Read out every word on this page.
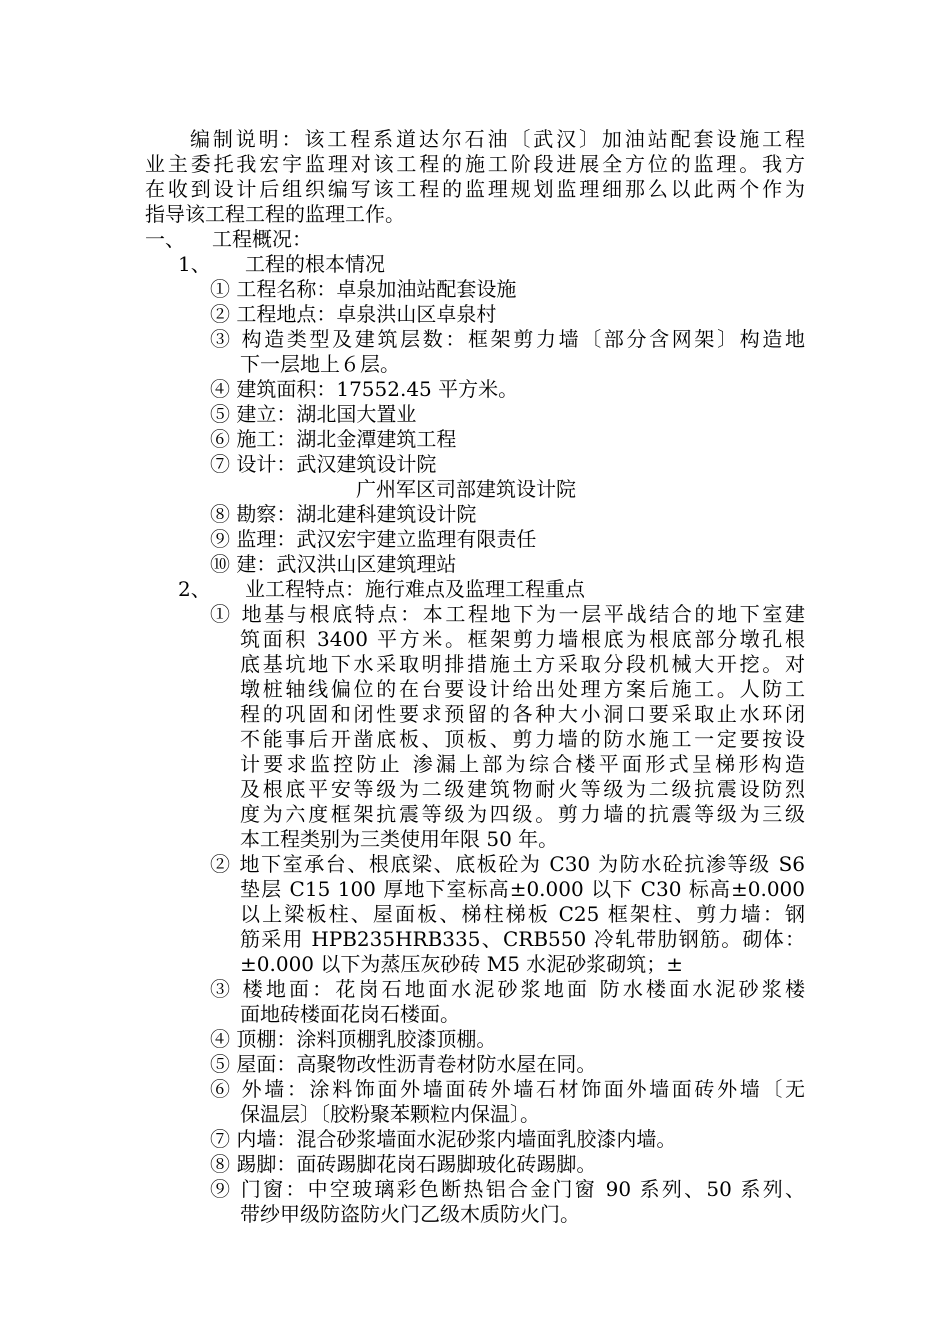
编制说明：该工程系道达尔石油〔武汉〕加油站配套设施工程
业主委托我宏宇监理对该工程的施工阶段进展全方位的监理。我方
在收到设计后组织编写该工程的监理规划监理细那么以此两个作为
指导该工程工程的监理工作。
一、 工程概况：
1、 工程的根本情况
① 工程名称：卓泉加油站配套设施
② 工程地点：卓泉洪山区卓泉村
③ 构造类型及建筑层数：框架剪力墙〔部分含网架〕构造地
下一层地上６层。
④ 建筑面积：17552.45 平方米。
⑤ 建立：湖北国大置业
⑥ 施工：湖北金潭建筑工程
⑦ 设计：武汉建筑设计院
广州军区司部建筑设计院
⑧ 勘察：湖北建科建筑设计院
⑨ 监理：武汉宏宇建立监理有限责任
⑩ 建：武汉洪山区建筑理站
2、 业工程特点：施行难点及监理工程重点
① 地基与根底特点：本工程地下为一层平战结合的地下室建
筑面积 3400 平方米。框架剪力墙根底为根底部分墩孔根
底基坑地下水采取明排措施土方采取分段机械大开挖。对
墩桩轴线偏位的在台要设计给出处理方案后施工。人防工
程的巩固和闭性要求预留的各种大小洞口要采取止水环闭
不能事后开凿底板、顶板、剪力墙的防水施工一定要按设
计要求监控防止 渗漏上部为综合楼平面形式呈梯形构造
及根底平安等级为二级建筑物耐火等级为二级抗震设防烈
度为六度框架抗震等级为四级。剪力墙的抗震等级为三级
本工程类别为三类使用年限 50 年。
② 地下室承台、根底梁、底板砼为 C30 为防水砼抗渗等级 S6
垫层 C15 100 厚地下室标高±0.000 以下 C30 标高±0.000
以上梁板柱、屋面板、梯柱梯板 C25 框架柱、剪力墙：钢
筋采用 HPB235HRB335、CRB550 冷轧带肋钢筋。砌体：
±0.000 以下为蒸压灰砂砖 M5 水泥砂浆砌筑；±
③ 楼地面：花岗石地面水泥砂浆地面 防水楼面水泥砂浆楼
面地砖楼面花岗石楼面。
④ 顶棚：涂料顶棚乳胶漆顶棚。
⑤ 屋面：高聚物改性沥青卷材防水屋在同。
⑥ 外墙：涂料饰面外墙面砖外墙石材饰面外墙面砖外墙〔无
保温层〕〔胶粉聚苯颗粒内保温〕。
⑦ 内墙：混合砂浆墙面水泥砂浆内墙面乳胶漆内墙。
⑧ 踢脚：面砖踢脚花岗石踢脚玻化砖踢脚。
⑨ 门窗：中空玻璃彩色断热铝合金门窗 90 系列、50 系列、
带纱甲级防盗防火门乙级木质防火门。
